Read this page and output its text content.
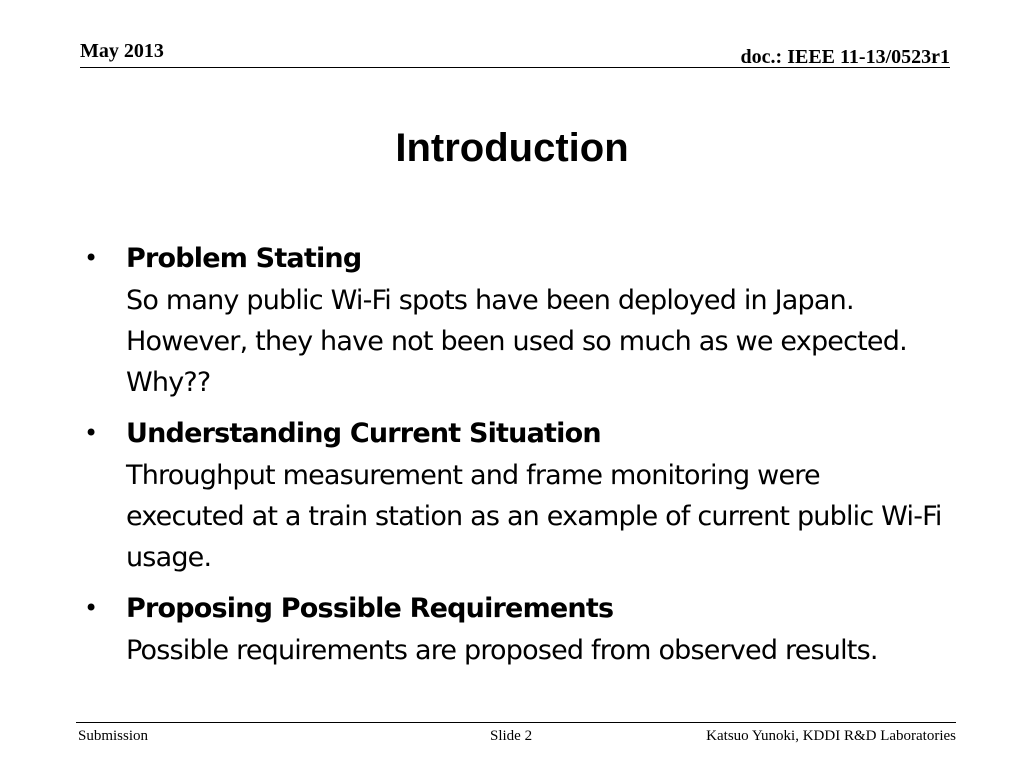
May 2013	doc.: IEEE 11-13/0523r1
Introduction
• Problem Stating
So many public Wi-Fi spots have been deployed in Japan. However, they have not been used so much as we expected. Why??
• Understanding Current Situation
Throughput measurement and frame monitoring were executed at a train station as an example of current public Wi-Fi usage.
• Proposing Possible Requirements
Possible requirements are proposed from observed results.
Submission	Slide 2	Katsuo Yunoki, KDDI R&D Laboratories
